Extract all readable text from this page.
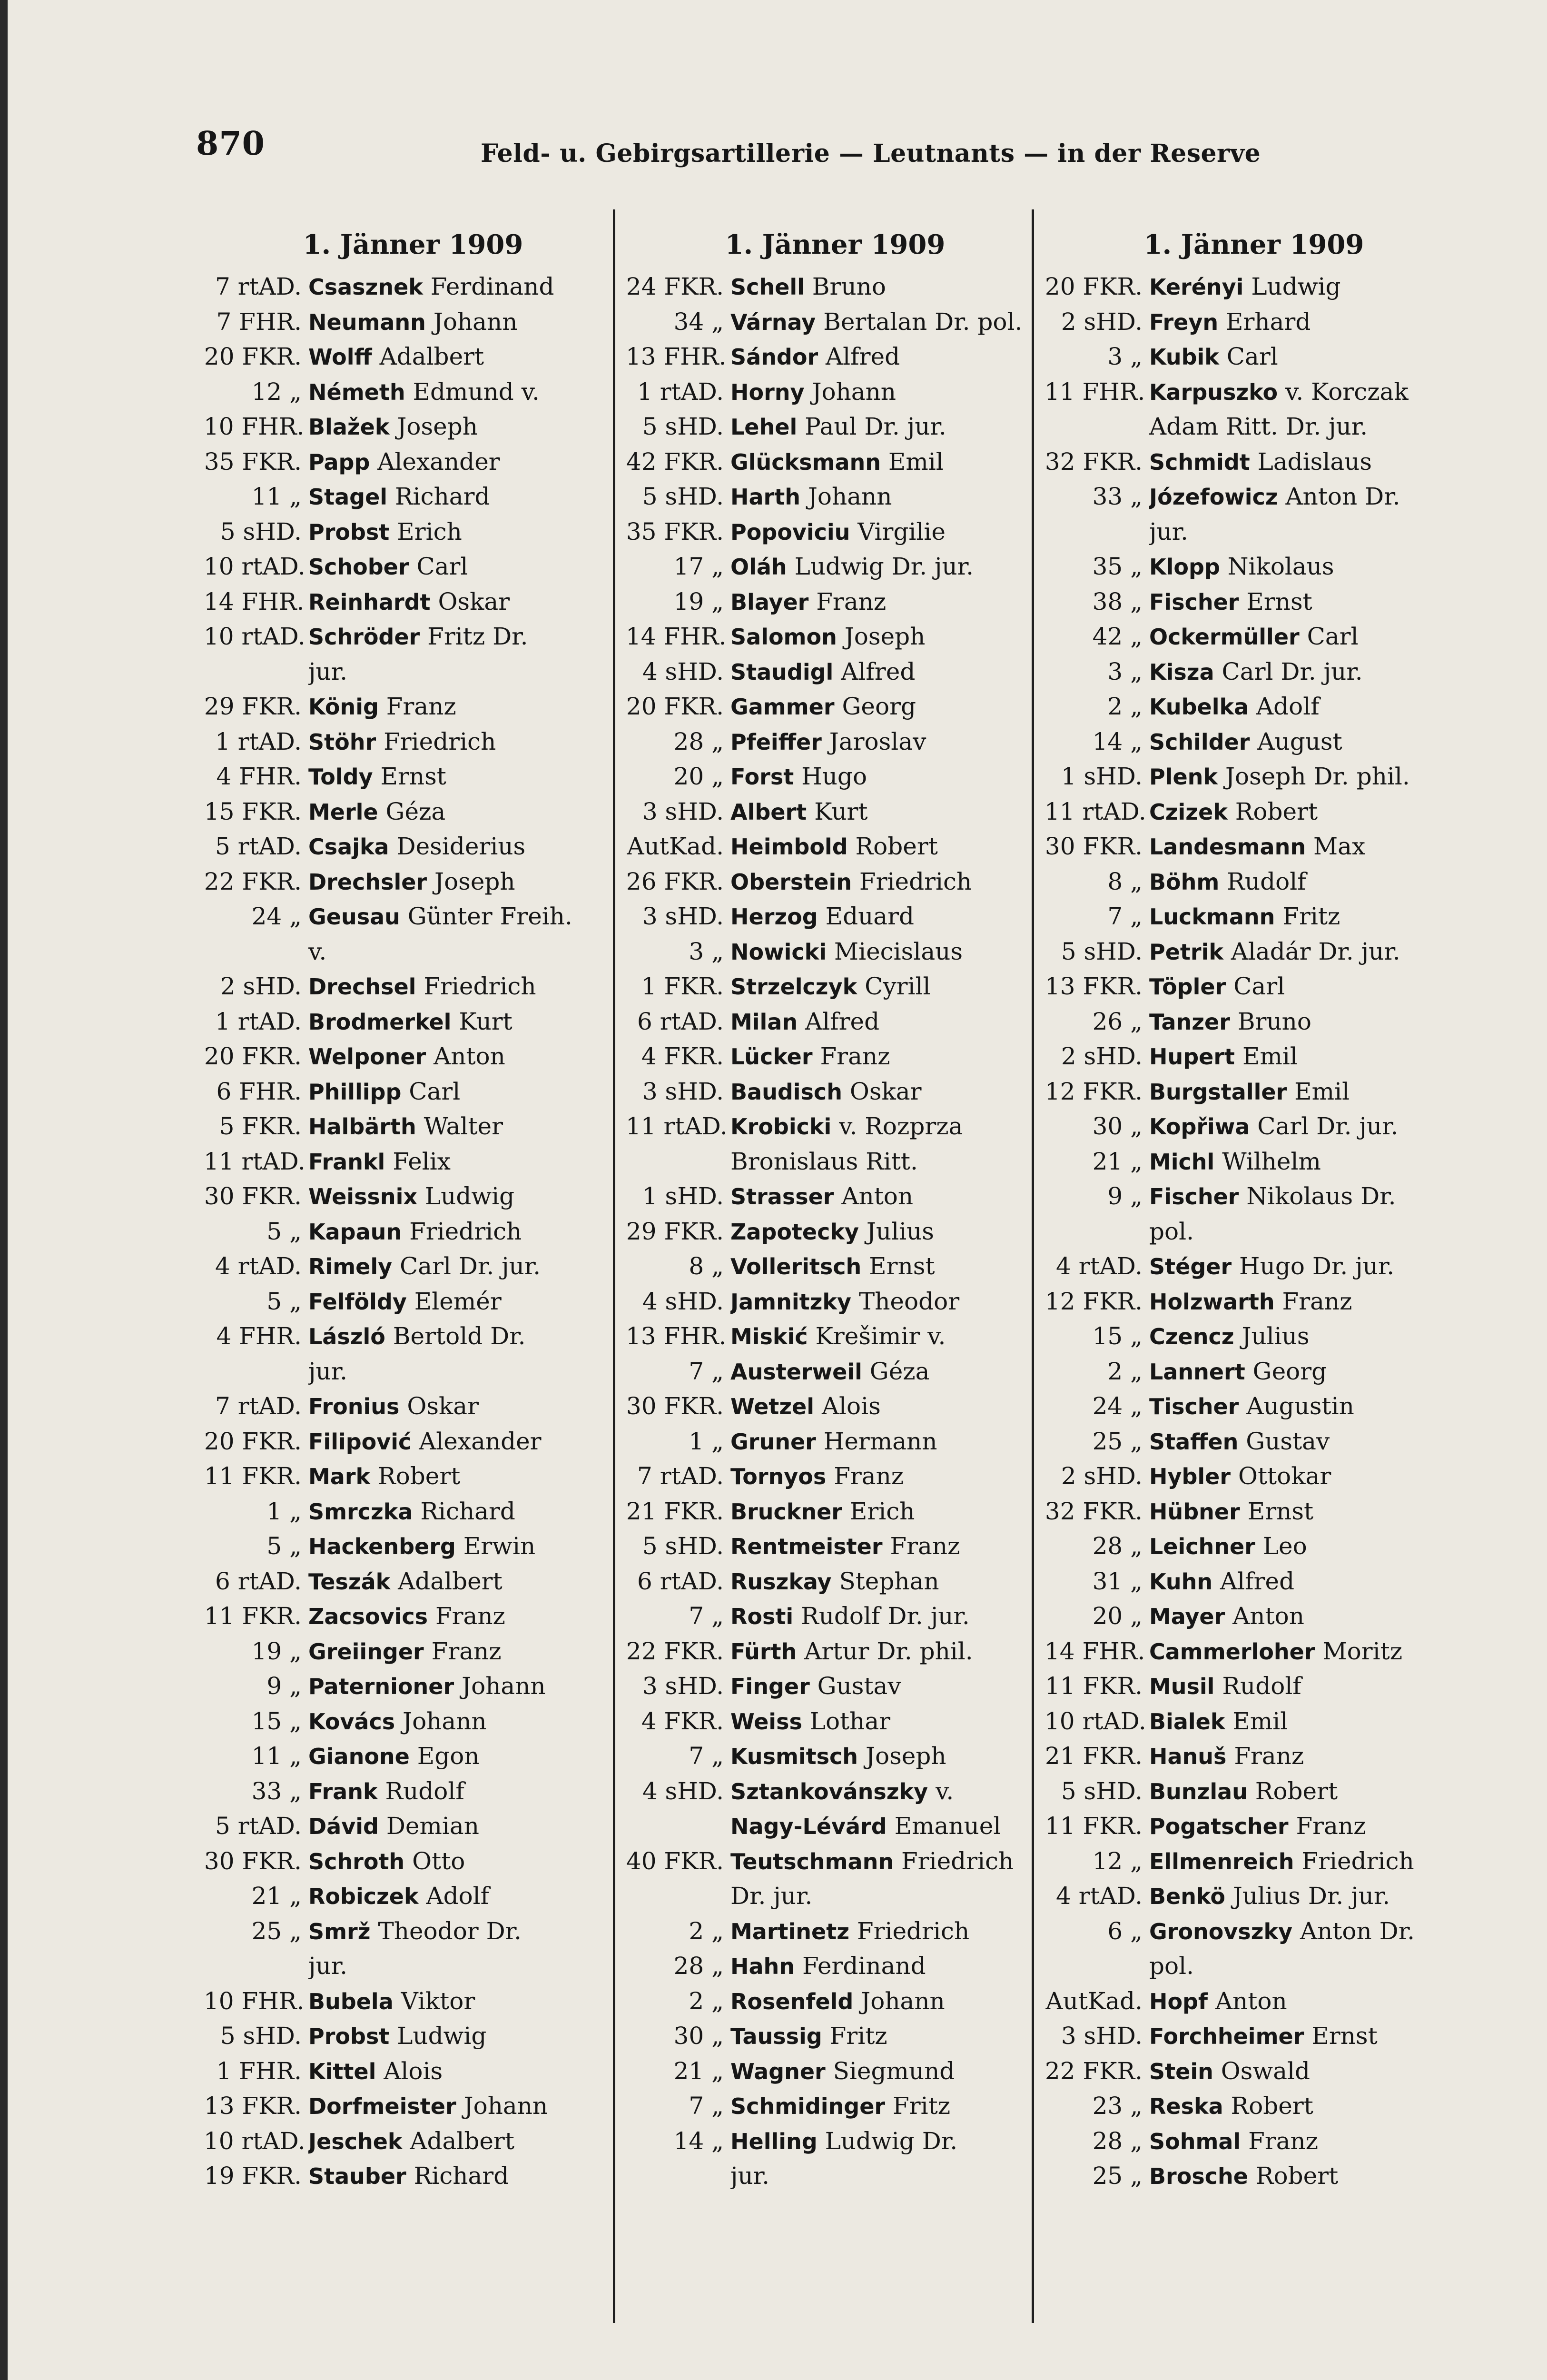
870	Feld- u. Gebirgsartillerie — Leutnants — in der Reserve
1. Jänner 1909
7 rtAD. Csasznek Ferdinand
7 FHR. Neumann Johann
20 FKR. Wolff Adalbert
12 „ Németh Edmund v.
10 FHR. Blažek Joseph
35 FKR. Papp Alexander
11 „ Stagel Richard
5 sHD. Probst Erich
10 rtAD. Schober Carl
14 FHR. Reinhardt Oskar
10 rtAD. Schröder Fritz Dr.
jur.
29 FKR. König Franz
1 rtAD. Stöhr Friedrich
4 FHR. Toldy Ernst
15 FKR. Merle Géza
5 rtAD. Csajka Desiderius
22 FKR. Drechsler Joseph
24 „ Geusau Günter Freih.
v.
2 sHD. Drechsel Friedrich
1 rtAD. Brodmerkel Kurt
20 FKR. Welponer Anton
6 FHR. Phillipp Carl
5 FKR. Halbärth Walter
11 rtAD. Frankl Felix
30 FKR. Weissnix Ludwig
5 „ Kapaun Friedrich
4 rtAD. Rimely Carl Dr. jur.
5 „ Felföldy Elemér
4 FHR. László Bertold Dr.
jur.
7 rtAD. Fronius Oskar
20 FKR. Filipović Alexander
11 FKR. Mark Robert
1 „ Smrczka Richard
5 „ Hackenberg Erwin
6 rtAD. Teszák Adalbert
11 FKR. Zacsovics Franz
19 „ Greiinger Franz
9 „ Paternioner Johann
15 „ Kovács Johann
11 „ Gianone Egon
33 „ Frank Rudolf
5 rtAD. Dávid Demian
30 FKR. Schroth Otto
21 „ Robiczek Adolf
25 „ Smrž Theodor Dr.
jur.
10 FHR. Bubela Viktor
5 sHD. Probst Ludwig
1 FHR. Kittel Alois
13 FKR. Dorfmeister Johann
10 rtAD. Jeschek Adalbert
19 FKR. Stauber Richard
1. Jänner 1909
24 FKR. Schell Bruno
34 „ Várnay Bertalan Dr. pol.
13 FHR. Sándor Alfred
1 rtAD. Horny Johann
5 sHD. Lehel Paul Dr. jur.
42 FKR. Glücksmann Emil
5 sHD. Harth Johann
35 FKR. Popoviciu Virgilie
17 „ Oláh Ludwig Dr. jur.
19 „ Blayer Franz
14 FHR. Salomon Joseph
4 sHD. Staudigl Alfred
20 FKR. Gammer Georg
28 „ Pfeiffer Jaroslav
20 „ Forst Hugo
3 sHD. Albert Kurt
AutKad. Heimbold Robert
26 FKR. Oberstein Friedrich
3 sHD. Herzog Eduard
3 „ Nowicki Miecislaus
1 FKR. Strzelczyk Cyrill
6 rtAD. Milan Alfred
4 FKR. Lücker Franz
3 sHD. Baudisch Oskar
11 rtAD. Krobicki v. Rozprza
Bronislaus Ritt.
1 sHD. Strasser Anton
29 FKR. Zapotecky Julius
8 „ Volleritsch Ernst
4 sHD. Jamnitzky Theodor
13 FHR. Miskić Krešimir v.
7 „ Austerweil Géza
30 FKR. Wetzel Alois
1 „ Gruner Hermann
7 rtAD. Tornyos Franz
21 FKR. Bruckner Erich
5 sHD. Rentmeister Franz
6 rtAD. Ruszkay Stephan
7 „ Rosti Rudolf Dr. jur.
22 FKR. Fürth Artur Dr. phil.
3 sHD. Finger Gustav
4 FKR. Weiss Lothar
7 „ Kusmitsch Joseph
4 sHD. Sztankovánszky v.
Nagy-Lévárd Emanuel
40 FKR. Teutschmann Friedrich
Dr. jur.
2 „ Martinetz Friedrich
28 „ Hahn Ferdinand
2 „ Rosenfeld Johann
30 „ Taussig Fritz
21 „ Wagner Siegmund
7 „ Schmidinger Fritz
14 „ Helling Ludwig Dr.
jur.
1. Jänner 1909
20 FKR. Kerényi Ludwig
2 sHD. Freyn Erhard
3 „ Kubik Carl
11 FHR. Karpuszko v. Korczak
Adam Ritt. Dr. jur.
32 FKR. Schmidt Ladislaus
33 „ Józefowicz Anton Dr.
jur.
35 „ Klopp Nikolaus
38 „ Fischer Ernst
42 „ Ockermüller Carl
3 „ Kisza Carl Dr. jur.
2 „ Kubelka Adolf
14 „ Schilder August
1 sHD. Plenk Joseph Dr. phil.
11 rtAD. Czizek Robert
30 FKR. Landesmann Max
8 „ Böhm Rudolf
7 „ Luckmann Fritz
5 sHD. Petrik Aladár Dr. jur.
13 FKR. Töpler Carl
26 „ Tanzer Bruno
2 sHD. Hupert Emil
12 FKR. Burgstaller Emil
30 „ Kopřiwa Carl Dr. jur.
21 „ Michl Wilhelm
9 „ Fischer Nikolaus Dr.
pol.
4 rtAD. Stéger Hugo Dr. jur.
12 FKR. Holzwarth Franz
15 „ Czencz Julius
2 „ Lannert Georg
24 „ Tischer Augustin
25 „ Staffen Gustav
2 sHD. Hybler Ottokar
32 FKR. Hübner Ernst
28 „ Leichner Leo
31 „ Kuhn Alfred
20 „ Mayer Anton
14 FHR. Cammerloher Moritz
11 FKR. Musil Rudolf
10 rtAD. Bialek Emil
21 FKR. Hanuš Franz
5 sHD. Bunzlau Robert
11 FKR. Pogatscher Franz
12 „ Ellmenreich Friedrich
4 rtAD. Benkö Julius Dr. jur.
6 „ Gronovszky Anton Dr.
pol.
AutKad. Hopf Anton
3 sHD. Forchheimer Ernst
22 FKR. Stein Oswald
23 „ Reska Robert
28 „ Sohmal Franz
25 „ Brosche Robert
